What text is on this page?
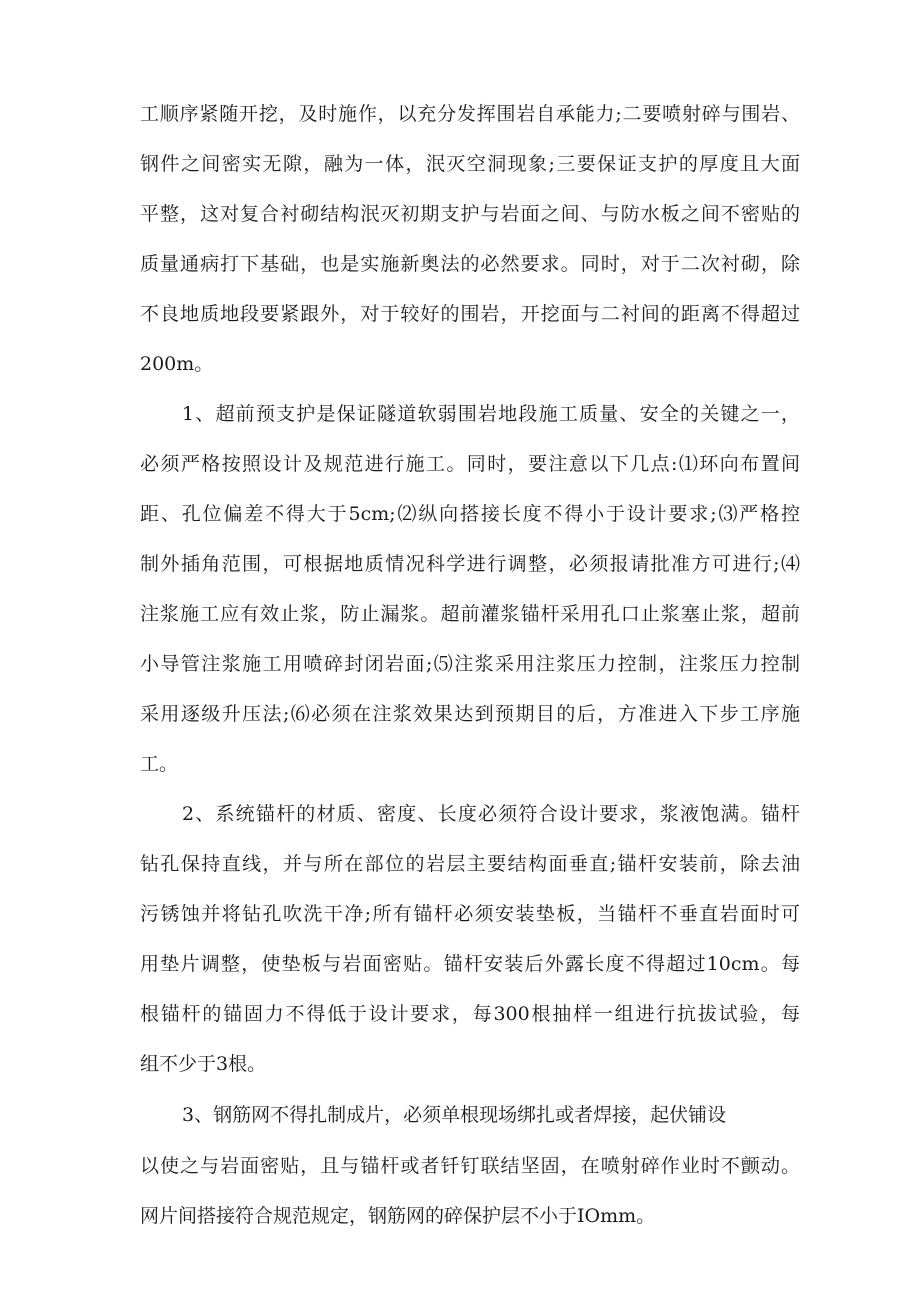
工顺序紧随开挖，及时施作，以充分发挥围岩自承能力;二要喷射碎与围岩、

钢件之间密实无隙，融为一体，泯灭空洞现象;三要保证支护的厚度且大面

平整，这对复合衬砌结构泯灭初期支护与岩面之间、与防水板之间不密贴的

质量通病打下基础，也是实施新奥法的必然要求。同时，对于二次衬砌，除

不良地质地段要紧跟外，对于较好的围岩，开挖面与二衬间的距离不得超过

200m。

1、超前预支护是保证隧道软弱围岩地段施工质量、安全的关键之一，

必须严格按照设计及规范进行施工。同时，要注意以下几点:⑴环向布置间

距、孔位偏差不得大于5cm;⑵纵向搭接长度不得小于设计要求;⑶严格控

制外插角范围，可根据地质情况科学进行调整，必须报请批准方可进行;⑷

注浆施工应有效止浆，防止漏浆。超前灌浆锚杆采用孔口止浆塞止浆，超前

小导管注浆施工用喷碎封闭岩面;⑸注浆采用注浆压力控制，注浆压力控制

采用逐级升压法;⑹必须在注浆效果达到预期目的后，方准进入下步工序施

工。

2、系统锚杆的材质、密度、长度必须符合设计要求，浆液饱满。锚杆

钻孔保持直线，并与所在部位的岩层主要结构面垂直;锚杆安装前，除去油

污锈蚀并将钻孔吹洗干净;所有锚杆必须安装垫板，当锚杆不垂直岩面时可

用垫片调整，使垫板与岩面密贴。锚杆安装后外露长度不得超过10cm。每

根锚杆的锚固力不得低于设计要求，每300根抽样一组进行抗拔试验，每

组不少于3根。

3、钢筋网不得扎制成片，必须单根现场绑扎或者焊接，起伏铺设

以使之与岩面密贴，且与锚杆或者钎钉联结坚固，在喷射碎作业时不颤动。

网片间搭接符合规范规定，钢筋网的碎保护层不小于IOmm。
